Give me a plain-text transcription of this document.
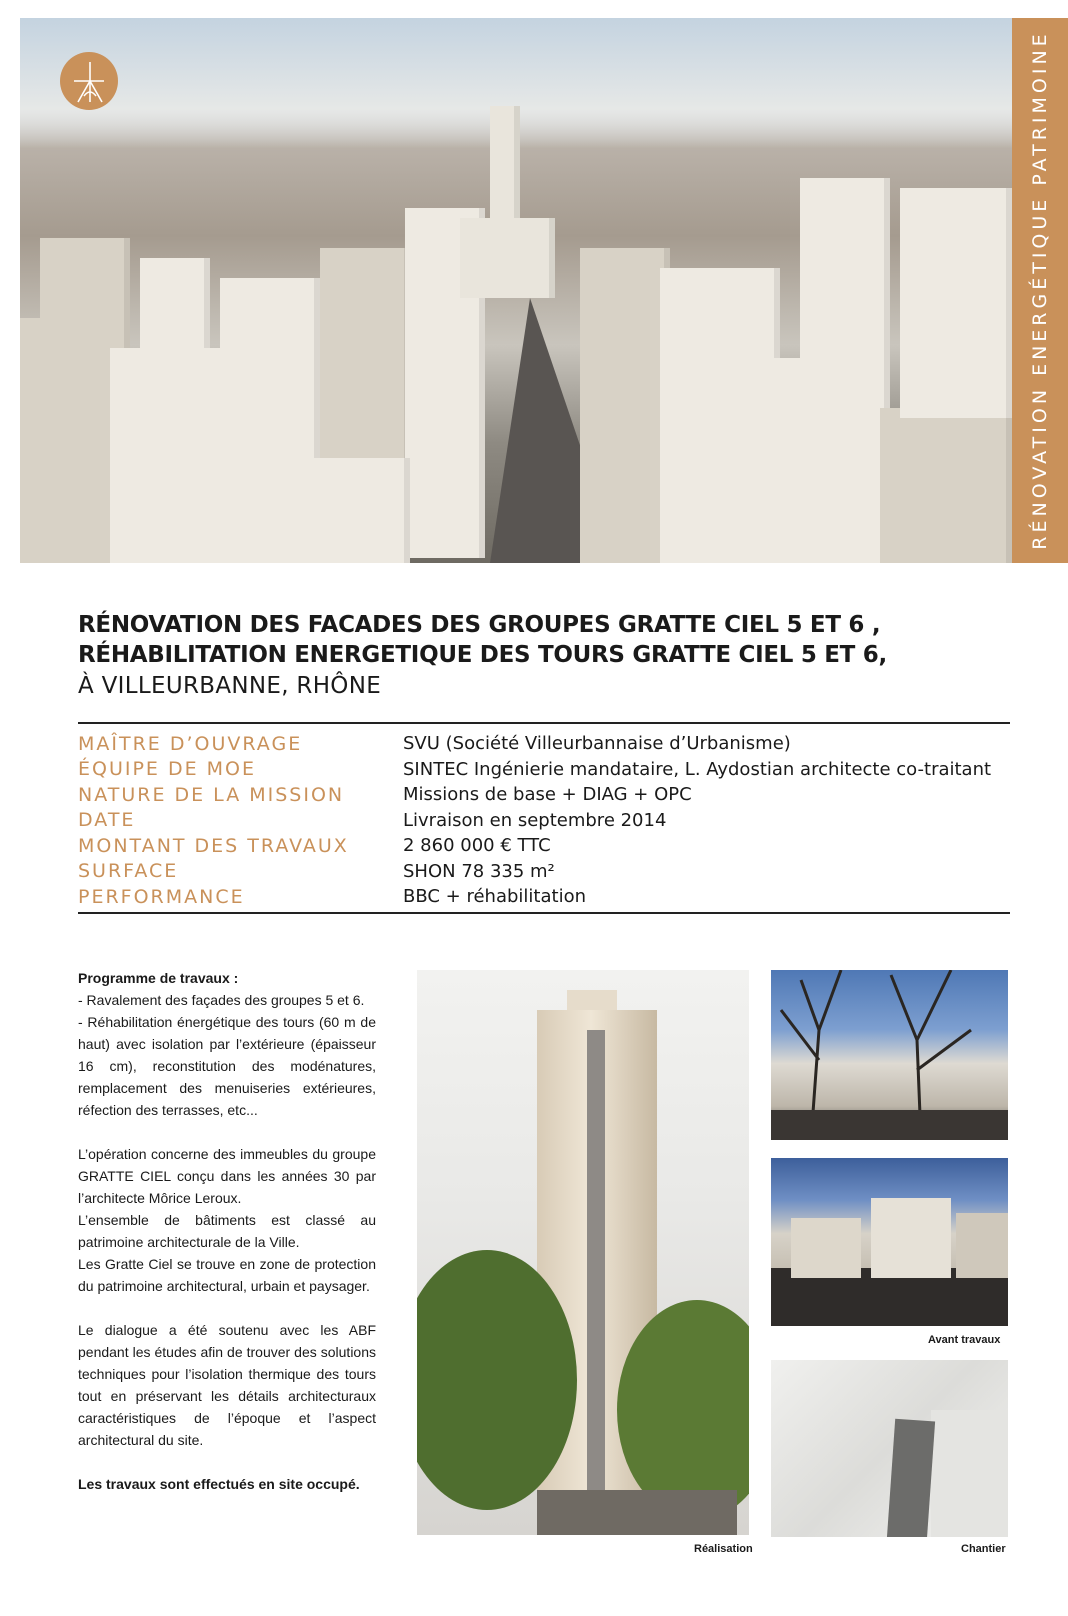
RÉNOVATION ENERGÉTIQUE PATRIMOINE
RÉNOVATION DES FACADES DES GROUPES GRATTE CIEL 5 ET 6 ,
RÉHABILITATION ENERGETIQUE DES TOURS GRATTE CIEL 5 ET 6,
À VILLEURBANNE, RHÔNE
MAÎTRE D’OUVRAGE	SVU (Société Villeurbannaise d’Urbanisme)
ÉQUIPE DE MOE	SINTEC Ingénierie mandataire, L. Aydostian architecte co-traitant
NATURE DE LA MISSION	Missions de base + DIAG + OPC
DATE	Livraison en septembre 2014
MONTANT DES TRAVAUX	2 860 000 € TTC
SURFACE	SHON 78 335 m²
PERFORMANCE	BBC + réhabilitation

Programme de travaux :

- Ravalement des façades des groupes 5 et 6.

- Réhabilitation énergétique des tours (60 m de haut) avec isolation par l’extérieure (épaisseur 16 cm), reconstitution des modénatures, remplacement des menuiseries extérieures, réfection des terrasses, etc...

L’opération concerne des immeubles du groupe GRATTE CIEL conçu dans les années 30 par l’architecte Môrice Leroux.

L’ensemble de bâtiments est classé au patrimoine architecturale de la Ville.

Les Gratte Ciel se trouve en zone de protection du patrimoine architectural, urbain et paysager.

Le dialogue a été soutenu avec les ABF pendant les études afin de trouver des solutions techniques pour l’isolation thermique des tours tout en préservant les détails architecturaux caractéristiques de l’époque et l’aspect architectural du site.

Les travaux sont effectués en site occupé.

Réalisation
Avant travaux
Chantier
